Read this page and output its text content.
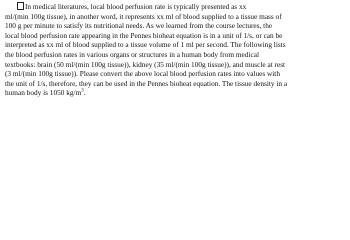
In medical literatures, local blood perfusion rate is typically presented as xx
ml/(min 100g tissue), in another word, it represents xx ml of blood supplied to a tissue mass of
100 g per minute to satisfy its nutritional needs. As we learned from the course lectures, the
local blood perfusion rate appearing in the Pennes bioheat equation is in a unit of 1/s, or can be
interpreted as xx ml of blood supplied to a tissue volume of 1 ml per second. The following lists
the blood perfusion rates in various organs or structures in a human body from medical
textbooks: brain (50 ml/(min 100g tissue)), kidney (35 ml/(min 100g tissue)), and muscle at rest
(3 ml/(min 100g tissue)). Please convert the above local blood perfusion rates into values with
the unit of 1/s, therefore, they can be used in the Pennes bioheat equation. The tissue density in a
human body is 1050 $kg/m^3$.
